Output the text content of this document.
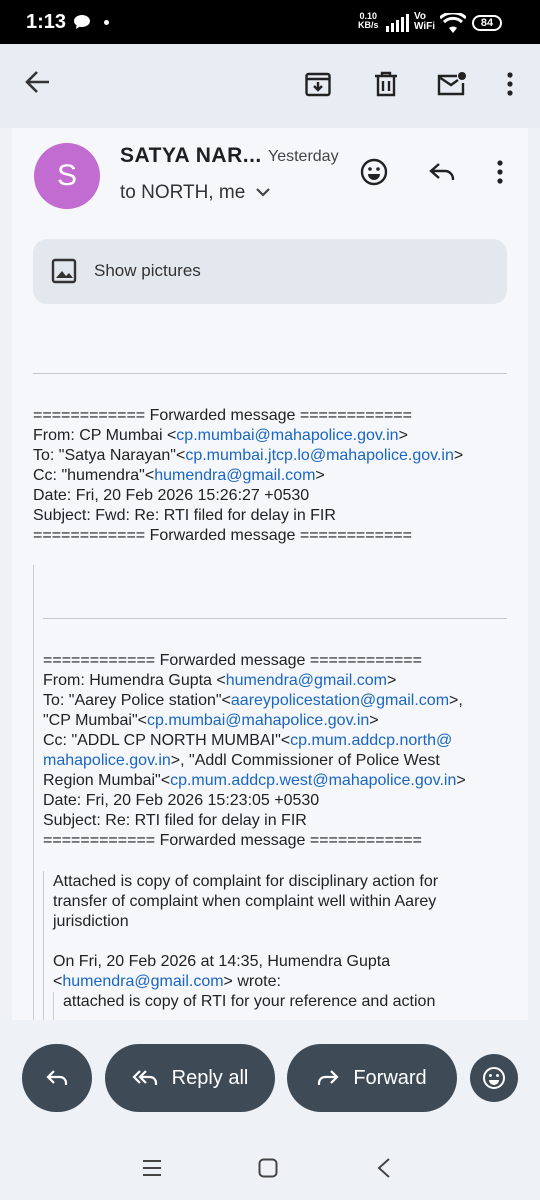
1:13	0.10
KB/s
Vo
WiFi	84
S
SATYA NAR... Yesterday
to NORTH, me
Show pictures
============ Forwarded message ============
From: CP Mumbai <cp.mumbai@mahapolice.gov.in>
To: "Satya Narayan"<cp.mumbai.jtcp.lo@mahapolice.gov.in>
Cc: "humendra"<humendra@gmail.com>
Date: Fri, 20 Feb 2026 15:26:27 +0530
Subject: Fwd: Re: RTI filed for delay in FIR
============ Forwarded message ============
============ Forwarded message ============
From: Humendra Gupta <humendra@gmail.com>
To: "Aarey Police station"<aareypolicestation@gmail.com>,
"CP Mumbai"<cp.mumbai@mahapolice.gov.in>
Cc: "ADDL CP NORTH MUMBAI"<cp.mum.addcp.north@
mahapolice.gov.in>, "Addl Commissioner of Police West
Region Mumbai"<cp.mum.addcp.west@mahapolice.gov.in>
Date: Fri, 20 Feb 2026 15:23:05 +0530
Subject: Re: RTI filed for delay in FIR
============ Forwarded message ============
Attached is copy of complaint for disciplinary action for
transfer of complaint when complaint well within Aarey
jurisdiction
On Fri, 20 Feb 2026 at 14:35, Humendra Gupta
<humendra@gmail.com> wrote:
attached is copy of RTI for your reference and action
Reply all	Forward
